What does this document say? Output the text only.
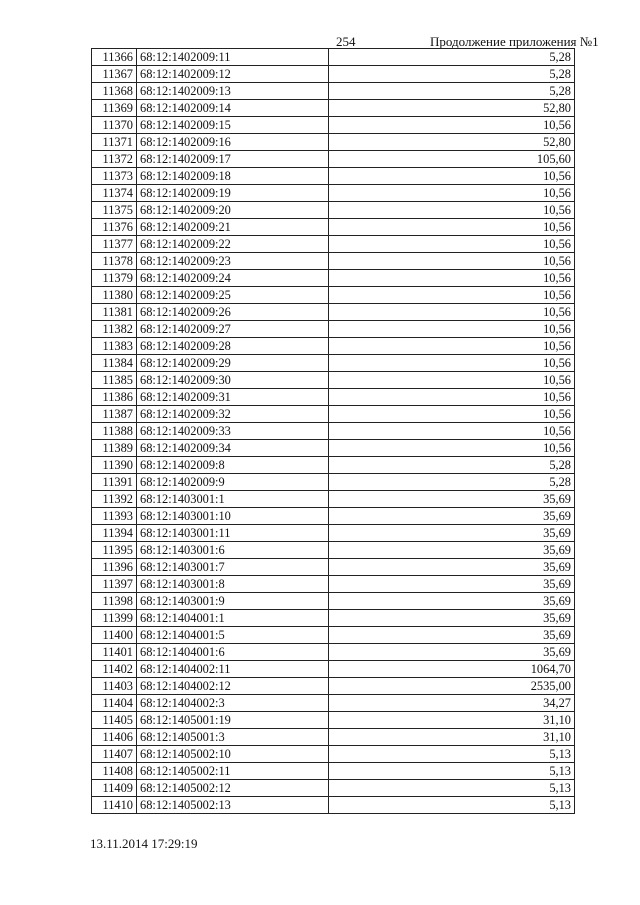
254	Продолжение приложения №1
11366	68:12:1402009:11	5,28
11367	68:12:1402009:12	5,28
11368	68:12:1402009:13	5,28
11369	68:12:1402009:14	52,80
11370	68:12:1402009:15	10,56
11371	68:12:1402009:16	52,80
11372	68:12:1402009:17	105,60
11373	68:12:1402009:18	10,56
11374	68:12:1402009:19	10,56
11375	68:12:1402009:20	10,56
11376	68:12:1402009:21	10,56
11377	68:12:1402009:22	10,56
11378	68:12:1402009:23	10,56
11379	68:12:1402009:24	10,56
11380	68:12:1402009:25	10,56
11381	68:12:1402009:26	10,56
11382	68:12:1402009:27	10,56
11383	68:12:1402009:28	10,56
11384	68:12:1402009:29	10,56
11385	68:12:1402009:30	10,56
11386	68:12:1402009:31	10,56
11387	68:12:1402009:32	10,56
11388	68:12:1402009:33	10,56
11389	68:12:1402009:34	10,56
11390	68:12:1402009:8	5,28
11391	68:12:1402009:9	5,28
11392	68:12:1403001:1	35,69
11393	68:12:1403001:10	35,69
11394	68:12:1403001:11	35,69
11395	68:12:1403001:6	35,69
11396	68:12:1403001:7	35,69
11397	68:12:1403001:8	35,69
11398	68:12:1403001:9	35,69
11399	68:12:1404001:1	35,69
11400	68:12:1404001:5	35,69
11401	68:12:1404001:6	35,69
11402	68:12:1404002:11	1064,70
11403	68:12:1404002:12	2535,00
11404	68:12:1404002:3	34,27
11405	68:12:1405001:19	31,10
11406	68:12:1405001:3	31,10
11407	68:12:1405002:10	5,13
11408	68:12:1405002:11	5,13
11409	68:12:1405002:12	5,13
11410	68:12:1405002:13	5,13
13.11.2014 17:29:19
